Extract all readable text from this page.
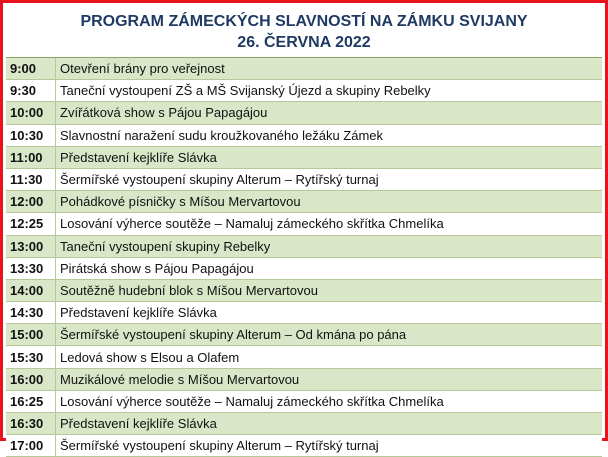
PROGRAM ZÁMECKÝCH SLAVNOSTÍ NA ZÁMKU SVIJANY
26. ČERVNA 2022
9:00	Otevření brány pro veřejnost
9:30	Taneční vystoupení ZŠ a MŠ Svijanský Újezd a skupiny Rebelky
10:00	Zvířátková show s Pájou Papagájou
10:30	Slavnostní naražení sudu kroužkovaného ležáku Zámek
11:00	Představení kejklíře Slávka
11:30	Šermířské vystoupení skupiny Alterum – Rytířský turnaj
12:00	Pohádkové písničky s Míšou Mervartovou
12:25	Losování výherce soutěže – Namaluj zámeckého skřítka Chmelíka
13:00	Taneční vystoupení skupiny Rebelky
13:30	Pirátská show s Pájou Papagájou
14:00	Soutěžně hudební blok s Míšou Mervartovou
14:30	Představení kejklíře Slávka
15:00	Šermířské vystoupení skupiny Alterum – Od kmána po pána
15:30	Ledová show s Elsou a Olafem
16:00	Muzikálové melodie s Míšou Mervartovou
16:25	Losování výherce soutěže – Namaluj zámeckého skřítka Chmelíka
16:30	Představení kejklíře Slávka
17:00	Šermířské vystoupení skupiny Alterum – Rytířský turnaj
